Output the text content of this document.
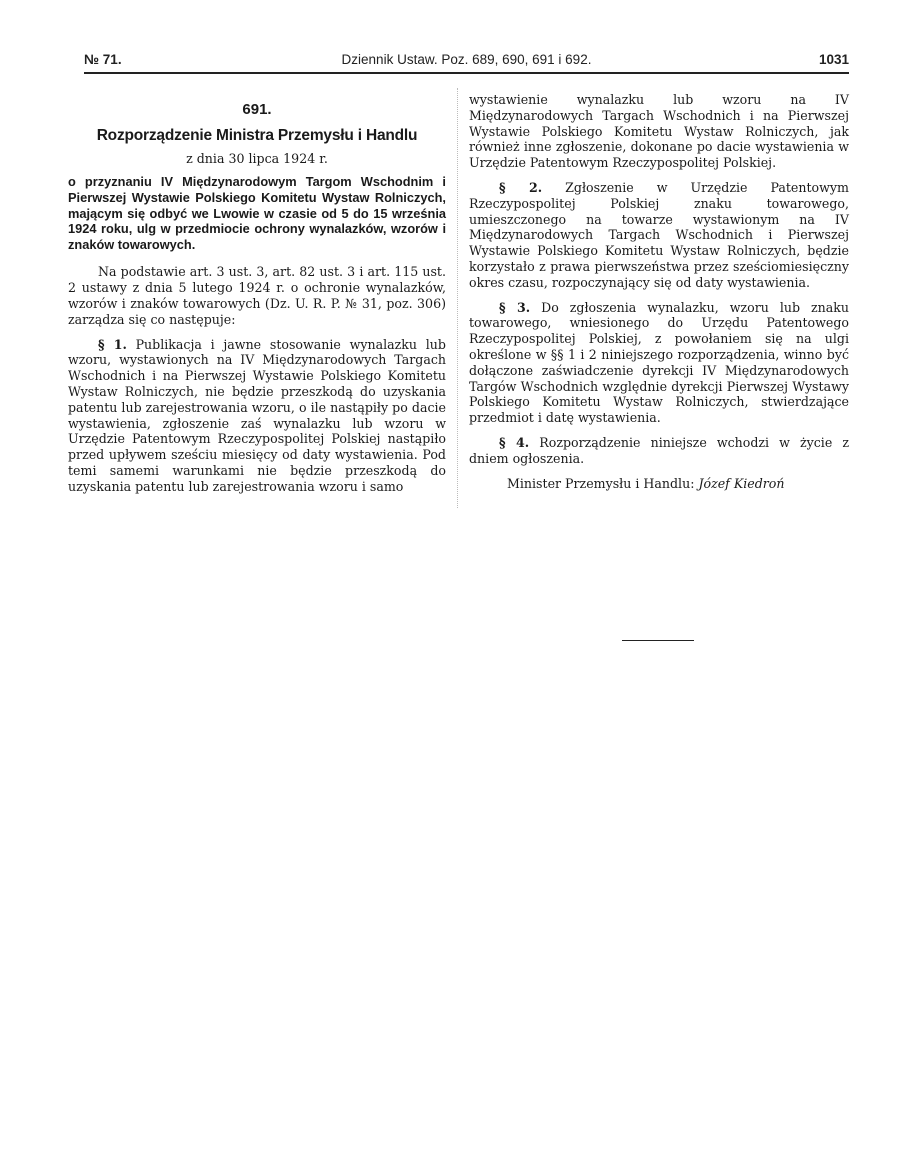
№ 71.	Dziennik Ustaw. Poz. 689, 690, 691 i 692.	1031
691.
Rozporządzenie Ministra Przemysłu i Handlu
z dnia 30 lipca 1924 r.
o przyznaniu IV Międzynarodowym Targom Wschodnim i Pierwszej Wystawie Polskiego Komitetu Wystaw Rolniczych, mającym się odbyć we Lwowie w czasie od 5 do 15 września 1924 roku, ulg w przedmiocie ochrony wynalazków, wzorów i znaków towarowych.

Na podstawie art. 3 ust. 3, art. 82 ust. 3 i art. 115 ust. 2 ustawy z dnia 5 lutego 1924 r. o ochronie wynalazków, wzorów i znaków towarowych (Dz. U. R. P. № 31, poz. 306) zarządza się co następuje:

§ 1. Publikacja i jawne stosowanie wynalazku lub wzoru, wystawionych na IV Międzynarodowych Targach Wschodnich i na Pierwszej Wystawie Polskiego Komitetu Wystaw Rolniczych, nie będzie przeszkodą do uzyskania patentu lub zarejestrowania wzoru, o ile nastąpiły po dacie wystawienia, zgłoszenie zaś wynalazku lub wzoru w Urzędzie Patentowym Rzeczypospolitej Polskiej nastąpiło przed upływem sześciu miesięcy od daty wystawienia. Pod temi samemi warunkami nie będzie przeszkodą do uzyskania patentu lub zarejestrowania wzoru i samo

wystawienie wynalazku lub wzoru na IV Międzynarodowych Targach Wschodnich i na Pierwszej Wystawie Polskiego Komitetu Wystaw Rolniczych, jak również inne zgłoszenie, dokonane po dacie wystawienia w Urzędzie Patentowym Rzeczypospolitej Polskiej.

§ 2. Zgłoszenie w Urzędzie Patentowym Rzeczypospolitej Polskiej znaku towarowego, umieszczonego na towarze wystawionym na IV Międzynarodowych Targach Wschodnich i Pierwszej Wystawie Polskiego Komitetu Wystaw Rolniczych, będzie korzystało z prawa pierwszeństwa przez sześciomiesięczny okres czasu, rozpoczynający się od daty wystawienia.

§ 3. Do zgłoszenia wynalazku, wzoru lub znaku towarowego, wniesionego do Urzędu Patentowego Rzeczypospolitej Polskiej, z powołaniem się na ulgi określone w §§ 1 i 2 niniejszego rozporządzenia, winno być dołączone zaświadczenie dyrekcji IV Międzynarodowych Targów Wschodnich względnie dyrekcji Pierwszej Wystawy Polskiego Komitetu Wystaw Rolniczych, stwierdzające przedmiot i datę wystawienia.

§ 4. Rozporządzenie niniejsze wchodzi w życie z dniem ogłoszenia.

Minister Przemysłu i Handlu: Józef Kiedroń
